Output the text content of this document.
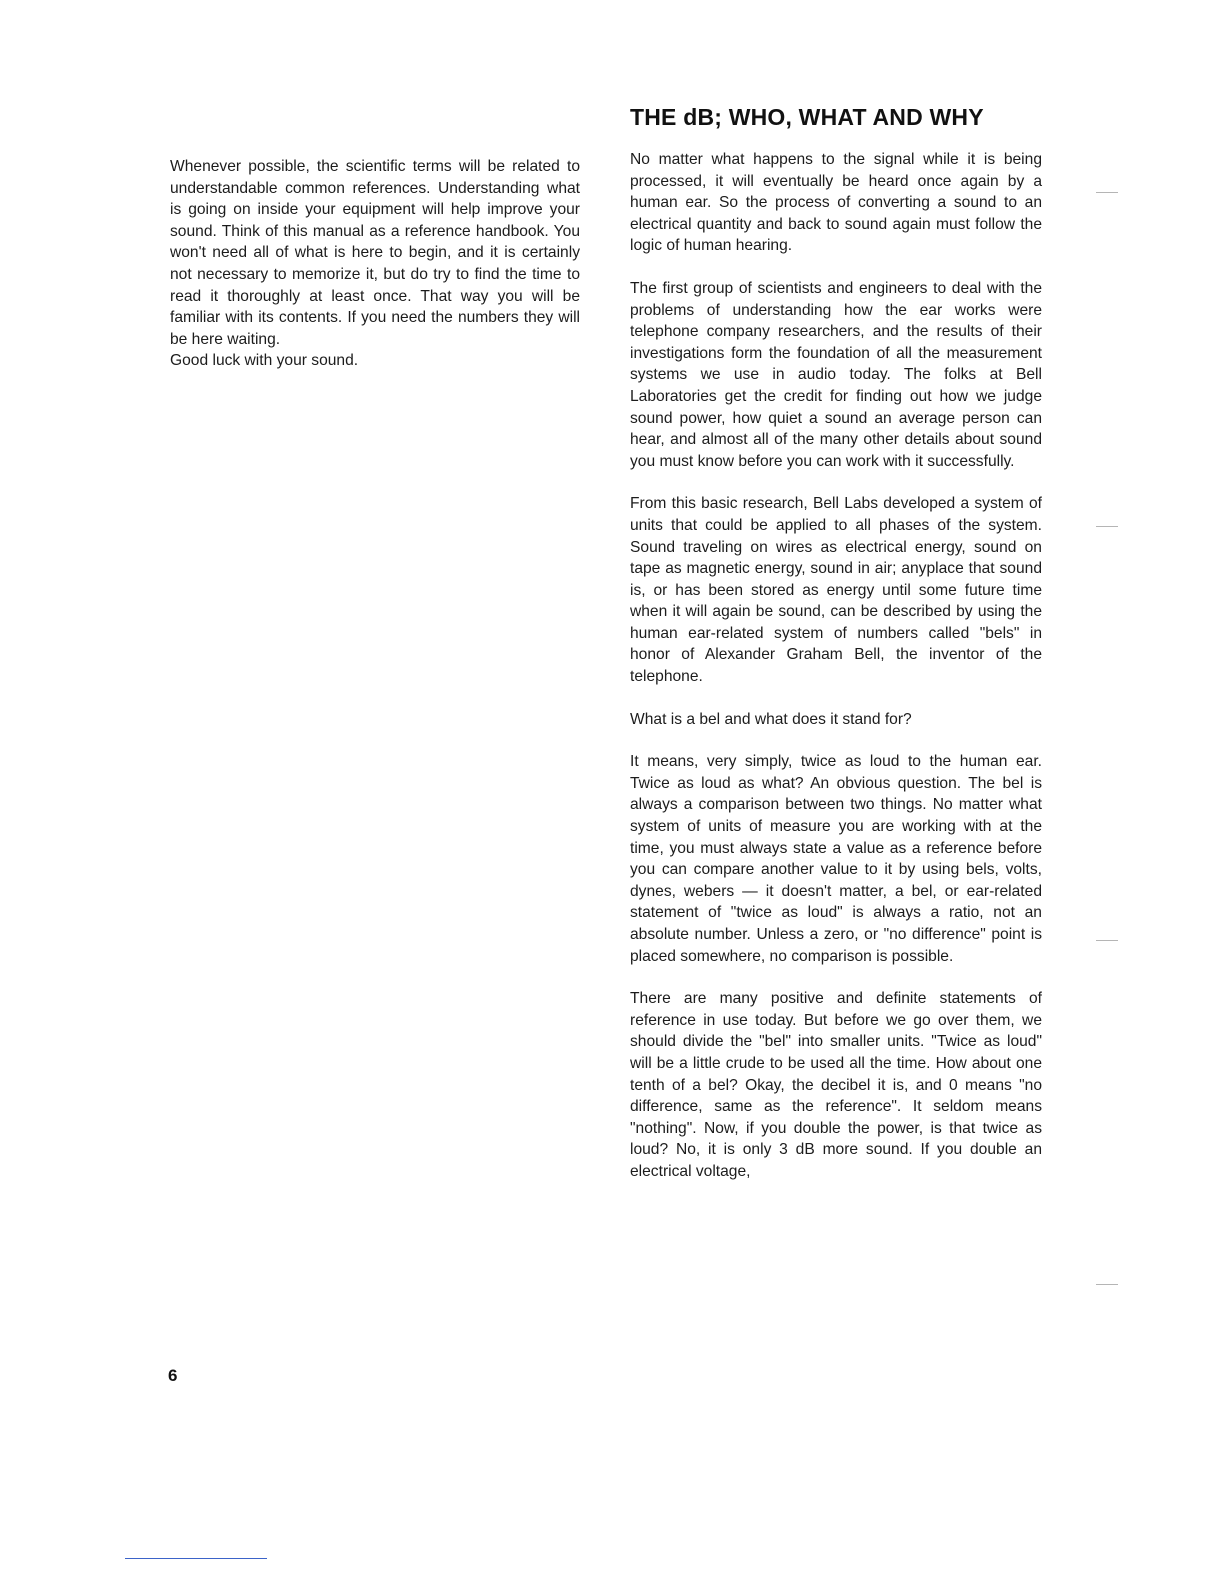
Whenever possible, the scientific terms will be related to understandable common references. Understanding what is going on inside your equipment will help improve your sound. Think of this manual as a reference handbook. You won't need all of what is here to begin, and it is certainly not necessary to memorize it, but do try to find the time to read it thoroughly at least once. That way you will be familiar with its contents. If you need the numbers they will be here waiting.

Good luck with your sound.

THE dB; WHO, WHAT AND WHY

No matter what happens to the signal while it is being processed, it will eventually be heard once again by a human ear. So the process of converting a sound to an electrical quantity and back to sound again must follow the logic of human hearing.

The first group of scientists and engineers to deal with the problems of understanding how the ear works were telephone company researchers, and the results of their investigations form the foundation of all the measurement systems we use in audio today. The folks at Bell Laboratories get the credit for finding out how we judge sound power, how quiet a sound an average person can hear, and almost all of the many other details about sound you must know before you can work with it successfully.

From this basic research, Bell Labs developed a system of units that could be applied to all phases of the system. Sound traveling on wires as electrical energy, sound on tape as magnetic energy, sound in air; anyplace that sound is, or has been stored as energy until some future time when it will again be sound, can be described by using the human ear-related system of numbers called "bels" in honor of Alexander Graham Bell, the inventor of the telephone.

What is a bel and what does it stand for?

It means, very simply, twice as loud to the human ear. Twice as loud as what? An obvious question. The bel is always a comparison between two things. No matter what system of units of measure you are working with at the time, you must always state a value as a reference before you can compare another value to it by using bels, volts, dynes, webers — it doesn't matter, a bel, or ear-related statement of "twice as loud" is always a ratio, not an absolute number. Unless a zero, or "no difference" point is placed somewhere, no comparison is possible.

There are many positive and definite statements of reference in use today. But before we go over them, we should divide the "bel" into smaller units. "Twice as loud" will be a little crude to be used all the time. How about one tenth of a bel? Okay, the decibel it is, and 0 means "no difference, same as the reference". It seldom means "nothing". Now, if you double the power, is that twice as loud? No, it is only 3 dB more sound. If you double an electrical voltage,

6
